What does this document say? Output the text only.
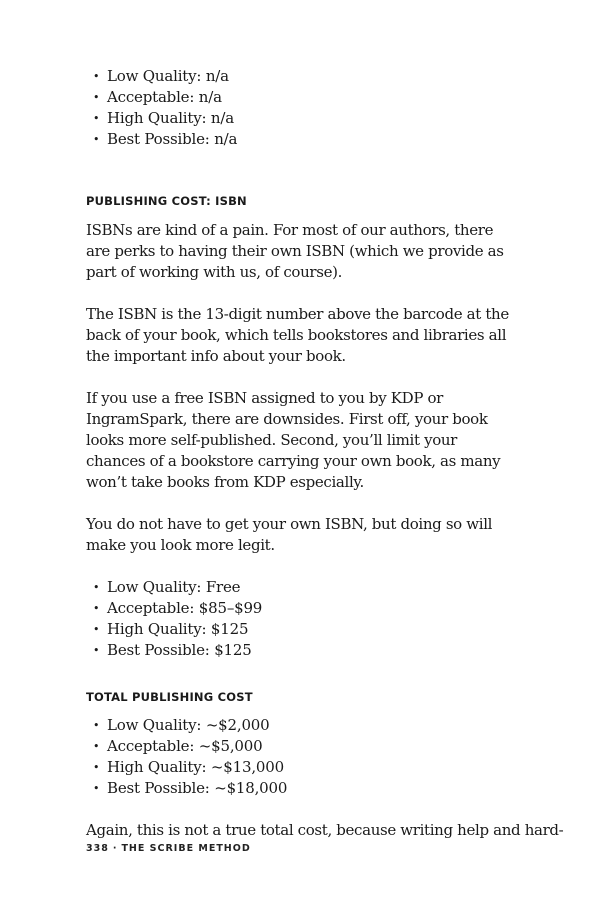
• Low Quality: n/a
• Acceptable: n/a
• High Quality: n/a
• Best Possible: n/a
PUBLISHING COST: ISBN

ISBNs are kind of a pain. For most of our authors, there are perks to having their own ISBN (which we provide as part of working with us, of course).

The ISBN is the 13-digit number above the barcode at the back of your book, which tells bookstores and libraries all the important info about your book.

If you use a free ISBN assigned to you by KDP or IngramSpark, there are downsides. First off, your book looks more self-published. Second, you’ll limit your chances of a bookstore carrying your own book, as many won’t take books from KDP especially.

You do not have to get your own ISBN, but doing so will make you look more legit.

• Low Quality: Free
• Acceptable: $85–$99
• High Quality: $125
• Best Possible: $125
TOTAL PUBLISHING COST
• Low Quality: ~$2,000
• Acceptable: ~$5,000
• High Quality: ~$13,000
• Best Possible: ~$18,000

Again, this is not a true total cost, because writing help and hard-

338 · THE SCRIBE METHOD
